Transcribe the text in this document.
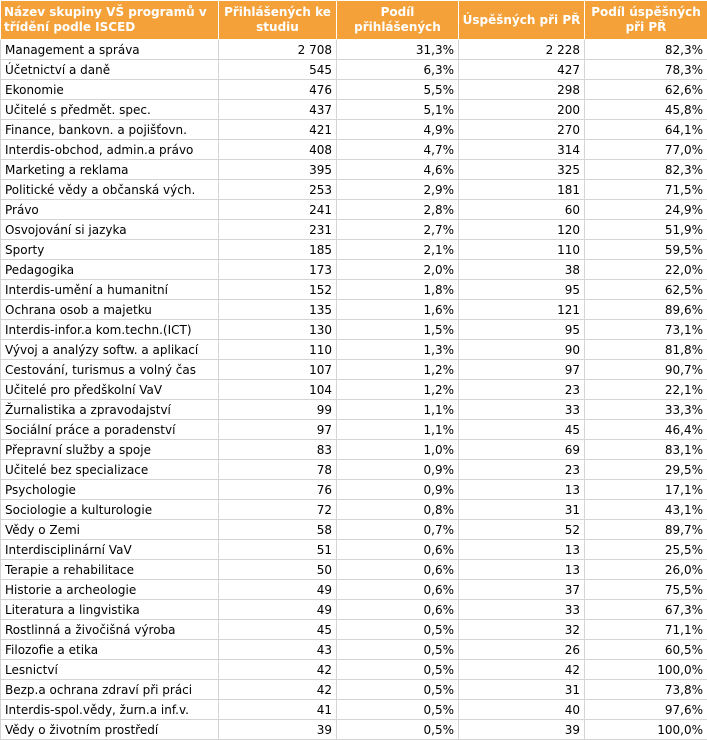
Název skupiny VŠ programů v třídění podle ISCED	Přihlášených ke studiu	Podíl přihlášených	Úspěšných při PŘ	Podíl úspěšných při PŘ
Management a správa	2 708	31,3%	2 228	82,3%
Účetnictví a daně	545	6,3%	427	78,3%
Ekonomie	476	5,5%	298	62,6%
Učitelé s předmět. spec.	437	5,1%	200	45,8%
Finance, bankovn. a pojišťovn.	421	4,9%	270	64,1%
Interdis-obchod, admin.a právo	408	4,7%	314	77,0%
Marketing a reklama	395	4,6%	325	82,3%
Politické vědy a občanská vých.	253	2,9%	181	71,5%
Právo	241	2,8%	60	24,9%
Osvojování si jazyka	231	2,7%	120	51,9%
Sporty	185	2,1%	110	59,5%
Pedagogika	173	2,0%	38	22,0%
Interdis-umění a humanitní	152	1,8%	95	62,5%
Ochrana osob a majetku	135	1,6%	121	89,6%
Interdis-infor.a kom.techn.(ICT)	130	1,5%	95	73,1%
Vývoj a analýzy softw. a aplikací	110	1,3%	90	81,8%
Cestování, turismus a volný čas	107	1,2%	97	90,7%
Učitelé pro předškolní VaV	104	1,2%	23	22,1%
Žurnalistika a zpravodajství	99	1,1%	33	33,3%
Sociální práce a poradenství	97	1,1%	45	46,4%
Přepravní služby a spoje	83	1,0%	69	83,1%
Učitelé bez specializace	78	0,9%	23	29,5%
Psychologie	76	0,9%	13	17,1%
Sociologie a kulturologie	72	0,8%	31	43,1%
Vědy o Zemi	58	0,7%	52	89,7%
Interdisciplinární VaV	51	0,6%	13	25,5%
Terapie a rehabilitace	50	0,6%	13	26,0%
Historie a archeologie	49	0,6%	37	75,5%
Literatura a lingvistika	49	0,6%	33	67,3%
Rostlinná a živočišná výroba	45	0,5%	32	71,1%
Filozofie a etika	43	0,5%	26	60,5%
Lesnictví	42	0,5%	42	100,0%
Bezp.a ochrana zdraví při práci	42	0,5%	31	73,8%
Interdis-spol.vědy, žurn.a inf.v.	41	0,5%	40	97,6%
Vědy o životním prostředí	39	0,5%	39	100,0%
